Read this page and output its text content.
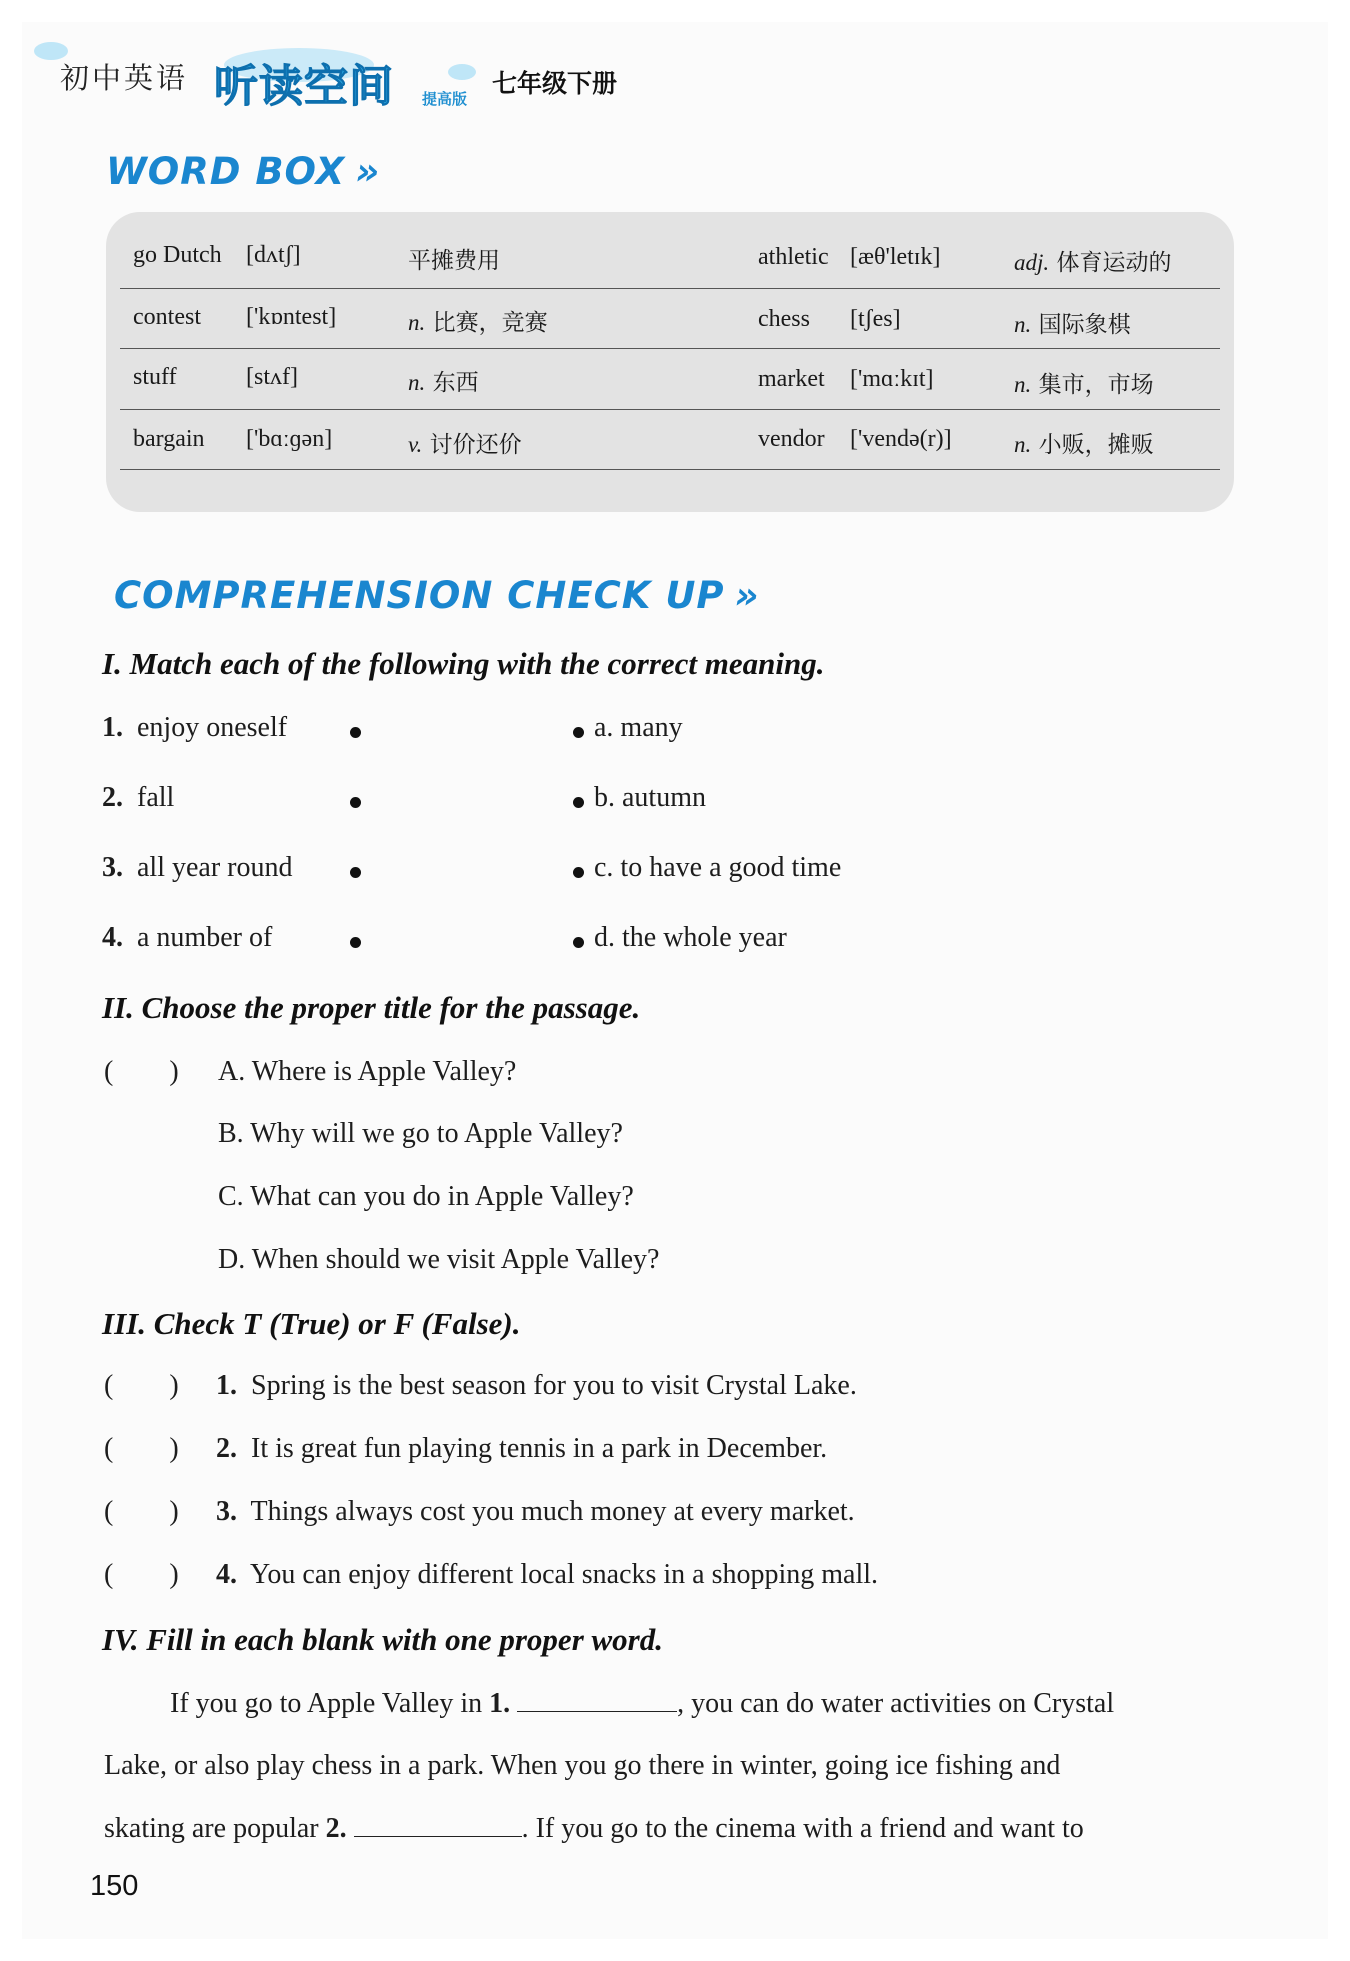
初中英语 听读空间 提高版
七年级下册
WORD BOX »
go Dutch [dʌtʃ]	平摊费用	athletic [æθ'letɪk]	adj. 体育运动的
contest ['kɒntest]	n. 比赛，竞赛	chess [tʃes]	n. 国际象棋
stuff	[stʌf]	n. 东西	market ['mɑːkɪt]	n. 集市，市场
bargain ['bɑːɡən]	v. 讨价还价	vendor ['vendə(r)]	n. 小贩，摊贩
COMPREHENSION CHECK UP »
I. Match each of the following with the correct meaning.
1. enjoy oneself
2. fall
3. all year round
4. a number of
a. many
b. autumn
c. to have a good time
d. the whole year
II. Choose the proper title for the passage.
(        ) A. Where is Apple Valley?
B. Why will we go to Apple Valley?
C. What can you do in Apple Valley?
D. When should we visit Apple Valley?
III. Check T (True) or F (False).
(        ) 1. Spring is the best season for you to visit Crystal Lake.
(        ) 2. It is great fun playing tennis in a park in December.
(        ) 3. Things always cost you much money at every market.
(        ) 4. You can enjoy different local snacks in a shopping mall.
IV. Fill in each blank with one proper word.
If you go to Apple Valley in 1.	, you can do water activities on Crystal
Lake, or also play chess in a park. When you go there in winter, going ice fishing and
skating are popular 2.	. If you go to the cinema with a friend and want to
150
